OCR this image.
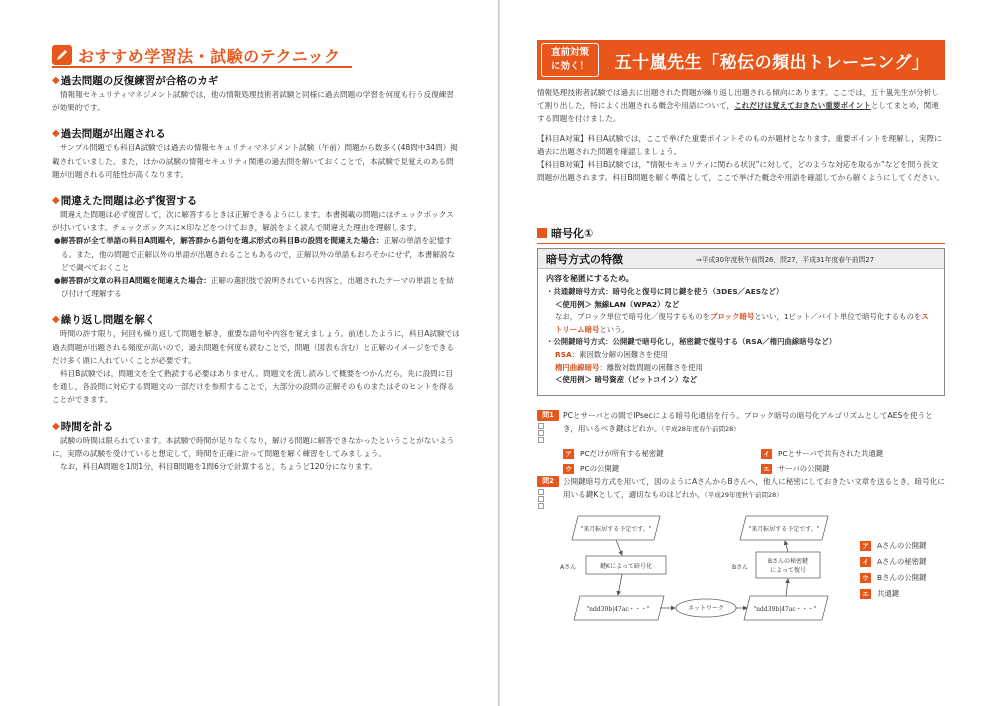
おすすめ学習法・試験のテクニック
◆ 過去問題の反復練習が合格のカギ

情報報セキュリティマネジメント試験では，他の情報処理技術者試験と同様に過去問題の学習を何度も行う反復練習が効果的です。

◆ 過去問題が出題される

サンプル問題でも科目A試験では過去の情報セキュリティマネジメント試験（午前）問題から数多く(48問中34問）掲載されていました。また，ほかの試験の情報セキュリティ関連の過去問を解いておくことで，本試験で見覚えのある問題が出題される可能性が高くなります。

◆ 間違えた問題は必ず復習する

間違えた問題は必ず復習して，次に解答するときは正解できるようにします。本書掲載の問題にはチェックボックスが付いています。チェックボックスに×印などをつけておき，解説をよく読んで間違えた理由を理解します。

●解答群が全て単語の科目A問題や，解答群から語句を選ぶ形式の科目Bの設問を間違えた場合：正解の単語を記憶する。また，他の問題で正解以外の単語が出題されることもあるので，正解以外の単語もおろそかにせず，本書解説などで調べておくこと

●解答群が文章の科目A問題を間違えた場合：正解の選択肢で説明されている内容と，出題されたテーマの単語とを結び付けて理解する

◆ 繰り返し問題を解く

時間の許す限り，何回も繰り返して問題を解き，重要な語句や内容を覚えましょう。前述したように，科目A試験では過去問題が出題される頻度が高いので，過去問題を何度も読むことで，問題（図表も含む）と正解のイメージをできるだけ多く頭に入れていくことが必要です。

科目B試験では，問題文を全て熟読する必要はありません。問題文を流し読みして概要をつかんだら，先に設問に目を通し，各設問に対応する問題文の一部だけを参照することで，大部分の設問の正解そのものまたはそのヒントを得ることができます。

◆ 時間を計る

試験の時間は限られています。本試験で時間が足りなくなり，解ける問題に解答できなかったということがないように，実際の試験を受けていると想定して，時間を正確に計って問題を解く練習をしてみましょう。

なお，科目A問題を1問1分，科目B問題を1問6分で計算すると，ちょうど120分になります。

直前対策
に効く！	五十嵐先生「秘伝の頻出トレーニング」

情報処理技術者試験では過去に出題された問題が繰り返し出題される傾向にあります。ここでは，五十嵐先生が分析して割り出した，特によく出題される概念や用語について，これだけは覚えておきたい重要ポイントとしてまとめ，関連する問題を付けました。

【科目A対策】科目A試験では，ここで挙げた重要ポイントそのものが題材となります。重要ポイントを理解し，実際に過去に出題された問題を確認しましょう。

【科目B対策】科目B試験では，“情報セキュリティに関わる状況”に対して，どのような対応を取るか”などを問う長文問題が出題されます。科目B問題を解く準備として，ここで挙げた概念や用語を確認してから解くようにしてください。

暗号化①
暗号方式の特徴	⇒平成30年度秋午前問26，問27，平成31年度春午前問27
内容を秘匿にするため。
・共通鍵暗号方式：暗号化と復号に同じ鍵を使う（3DES／AESなど）
＜使用例＞ 無線LAN（WPA2）など
なお，ブロック単位で暗号化／復号するものをブロック暗号といい，1ビット／バイト単位で暗号化するものをストリーム暗号という。
・公開鍵暗号方式：公開鍵で暗号化し，秘密鍵で復号する（RSA／楕円曲線暗号など）
RSA：素因数分解の困難さを使用
楕円曲線暗号：離散対数問題の困難さを使用
＜使用例＞ 暗号資産（ビットコイン）など
問1	PCとサーバとの間でIPsecによる暗号化通信を行う。ブロック暗号の暗号化アルゴリズムとしてAESを使うとき，用いるべき鍵はどれか。（平成28年度春午前問28）

ア	PCだけが所有する秘密鍵	イ	PCとサーバで共有された共通鍵
ウ	PCの公開鍵	エ	サーバの公開鍵
問2	公開鍵暗号方式を用いて，図のようにAさんからBさんへ，他人に秘密にしておきたい文章を送るとき，暗号化に用いる鍵Kとして，適切なものはどれか。（平成29年度秋午前問28）

"来月転居する予定です。"	"来月転居する予定です。"
Aさん	Bさん
鍵Kによって暗号化
Bさんの秘密鍵
によって復号
"ndd39b|47ac・・・"	"ndd39b|47ac・・・"
ネットワーク
ア	Aさんの公開鍵
イ	Aさんの秘密鍵
ウ	Bさんの公開鍵
エ	共通鍵
